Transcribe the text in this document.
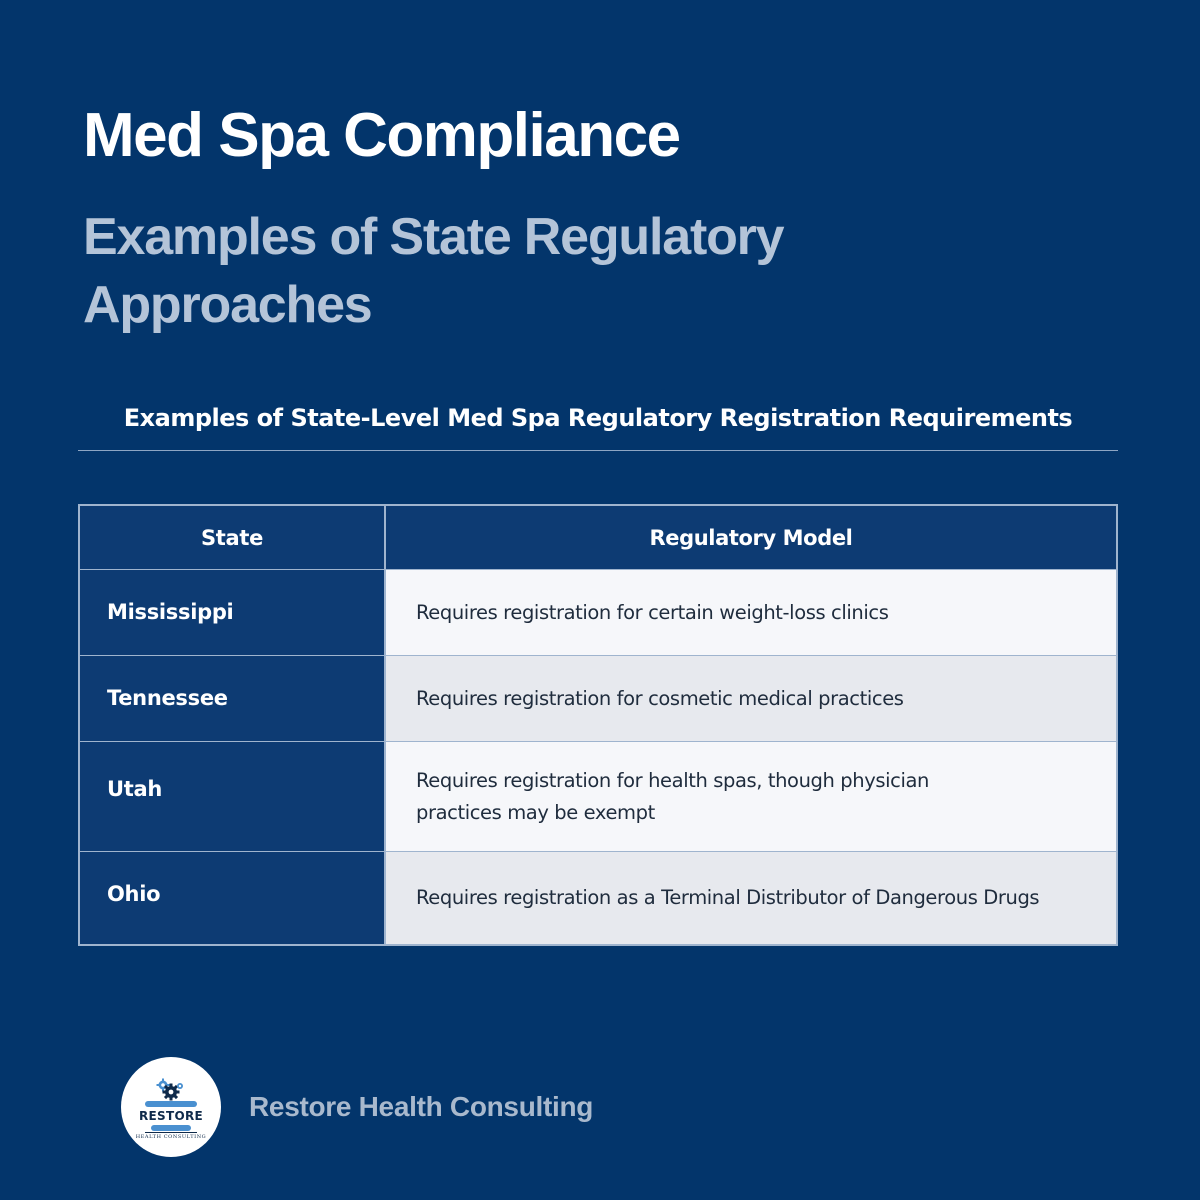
Med Spa Compliance
Examples of State Regulatory Approaches
Examples of State-Level Med Spa Regulatory Registration Requirements
State	Regulatory Model
Mississippi	Requires registration for certain weight-loss clinics
Tennessee	Requires registration for cosmetic medical practices
Utah	Requires registration for health spas, though physician practices may be exempt
Ohio	Requires registration as a Terminal Distributor of Dangerous Drugs
RESTORE
HEALTH CONSULTING
Restore Health Consulting
